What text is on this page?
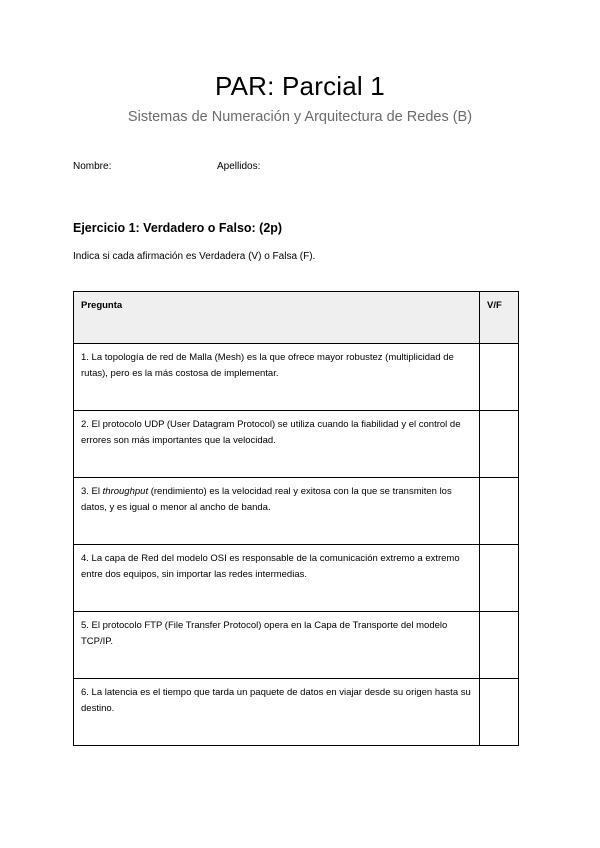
PAR: Parcial 1

Sistemas de Numeración y Arquitectura de Redes (B)

Nombre:	Apellidos:
Ejercicio 1: Verdadero o Falso: (2p)

Indica si cada afirmación es Verdadera (V) o Falsa (F).

Pregunta	V/F

1. La topología de red de Malla (Mesh) es la que ofrece mayor robustez (multiplicidad de rutas), pero es la más costosa de implementar.	

2. El protocolo UDP (User Datagram Protocol) se utiliza cuando la fiabilidad y el control de errores son más importantes que la velocidad.	

3. El throughput (rendimiento) es la velocidad real y exitosa con la que se transmiten los datos, y es igual o menor al ancho de banda.	

4. La capa de Red del modelo OSI es responsable de la comunicación extremo a extremo entre dos equipos, sin importar las redes intermedias.	

5. El protocolo FTP (File Transfer Protocol) opera en la Capa de Transporte del modelo TCP/IP.	

6. La latencia es el tiempo que tarda un paquete de datos en viajar desde su origen hasta su destino.	
